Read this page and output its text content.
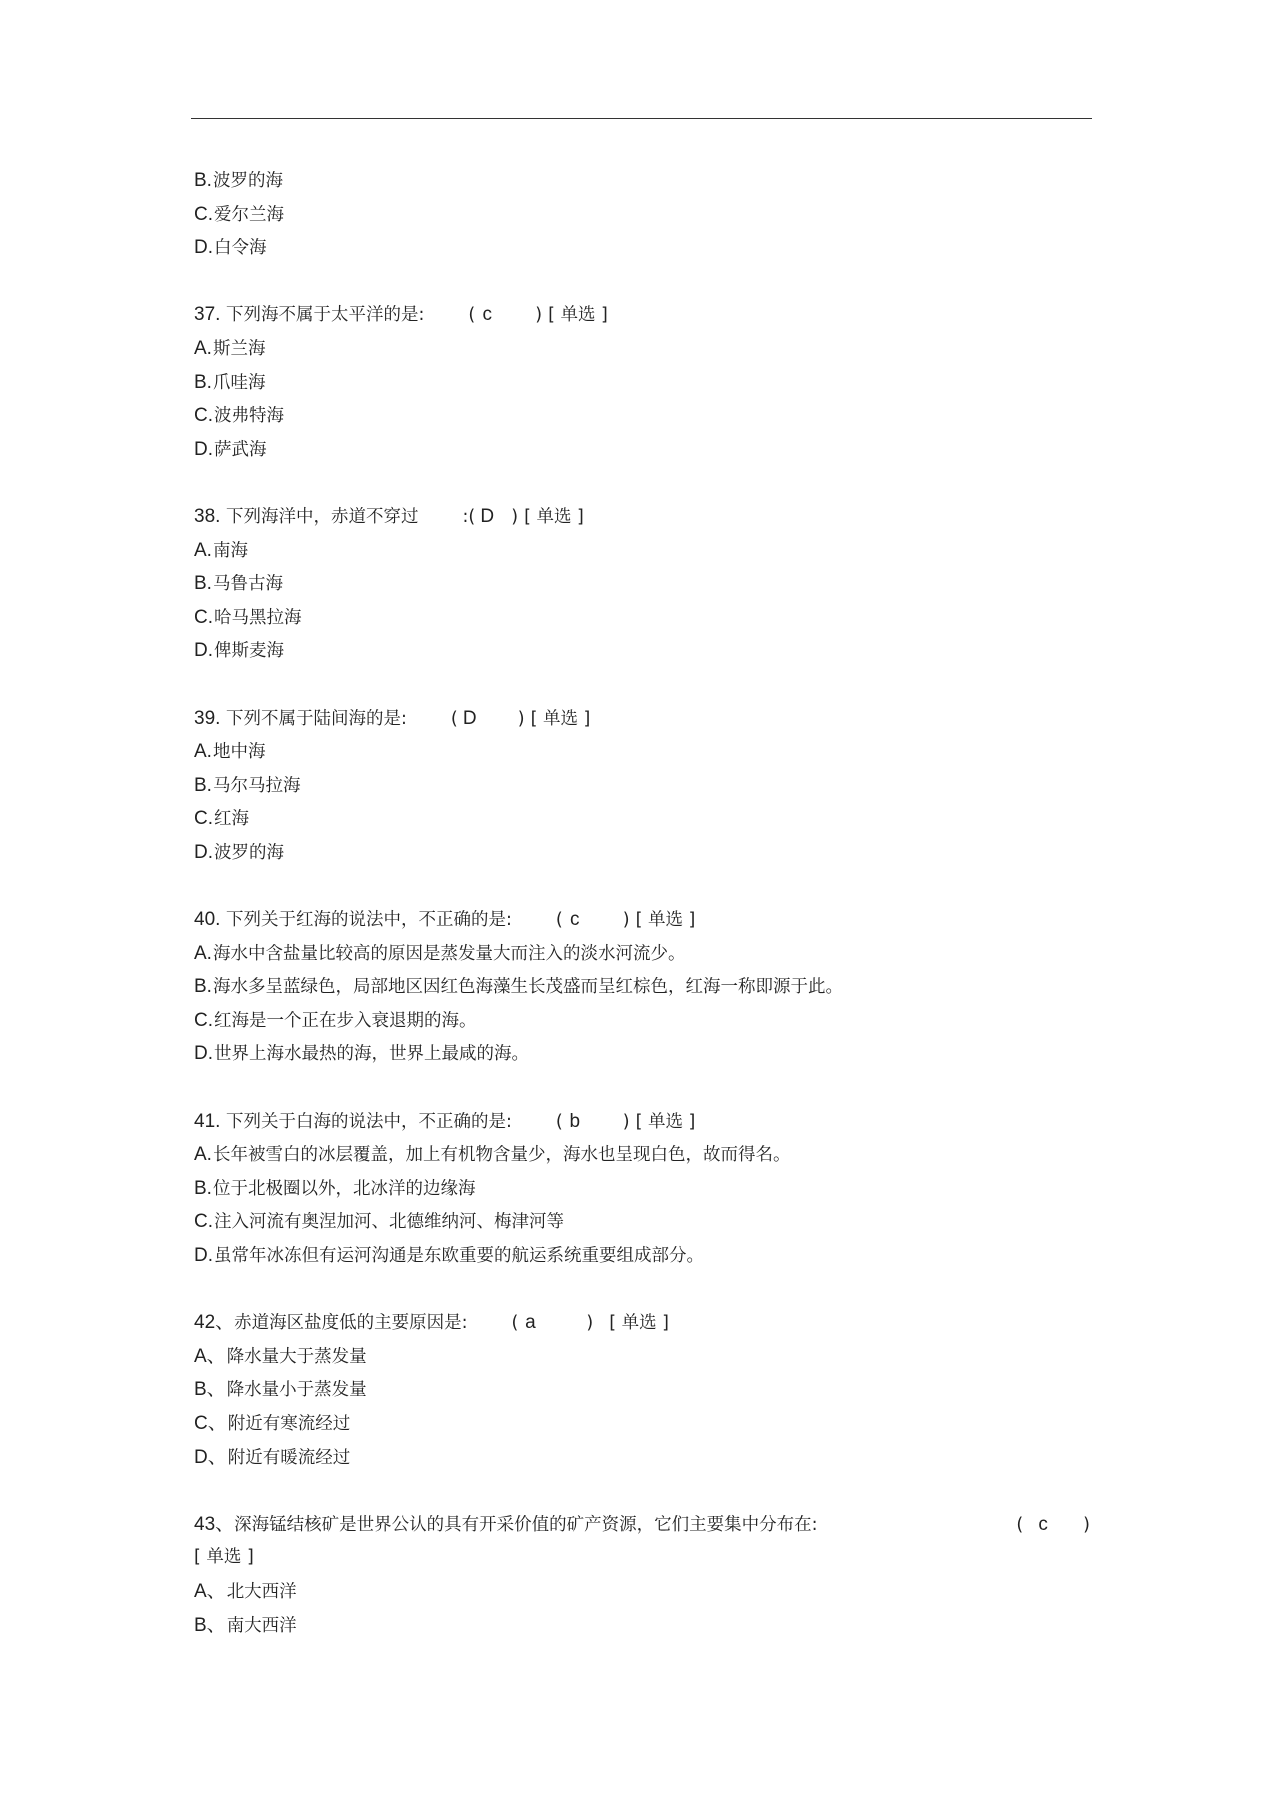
B.波罗的海
C.爱尔兰海
D.白令海
37. 下列海不属于太平洋的是:	( c ) [ 单选 ]
A.斯兰海
B.爪哇海
C.波弗特海
D.萨武海
38. 下列海洋中，赤道不穿过	:( D ) [ 单选 ]
A.南海
B.马鲁古海
C.哈马黑拉海
D.俾斯麦海
39. 下列不属于陆间海的是:	( D ) [ 单选 ]
A.地中海
B.马尔马拉海
C.红海
D.波罗的海
40. 下列关于红海的说法中，不正确的是:	( c ) [ 单选 ]
A.海水中含盐量比较高的原因是蒸发量大而注入的淡水河流少。
B.海水多呈蓝绿色，局部地区因红色海藻生长茂盛而呈红棕色，红海一称即源于此。
C.红海是一个正在步入衰退期的海。
D.世界上海水最热的海，世界上最咸的海。
41. 下列关于白海的说法中，不正确的是:	( b ) [ 单选 ]
A.长年被雪白的冰层覆盖，加上有机物含量少，海水也呈现白色，故而得名。
B.位于北极圈以外，北冰洋的边缘海
C.注入河流有奥涅加河、北德维纳河、梅津河等
D.虽常年冰冻但有运河沟通是东欧重要的航运系统重要组成部分。
42、赤道海区盐度低的主要原因是:	( a	) [ 单选 ]
A、降水量大于蒸发量
B、降水量小于蒸发量
C、附近有寒流经过
D、附近有暖流经过
43、深海锰结核矿是世界公认的具有开采价值的矿产资源，它们主要集中分布在:	( c )
[ 单选 ]
A、北大西洋
B、南大西洋
